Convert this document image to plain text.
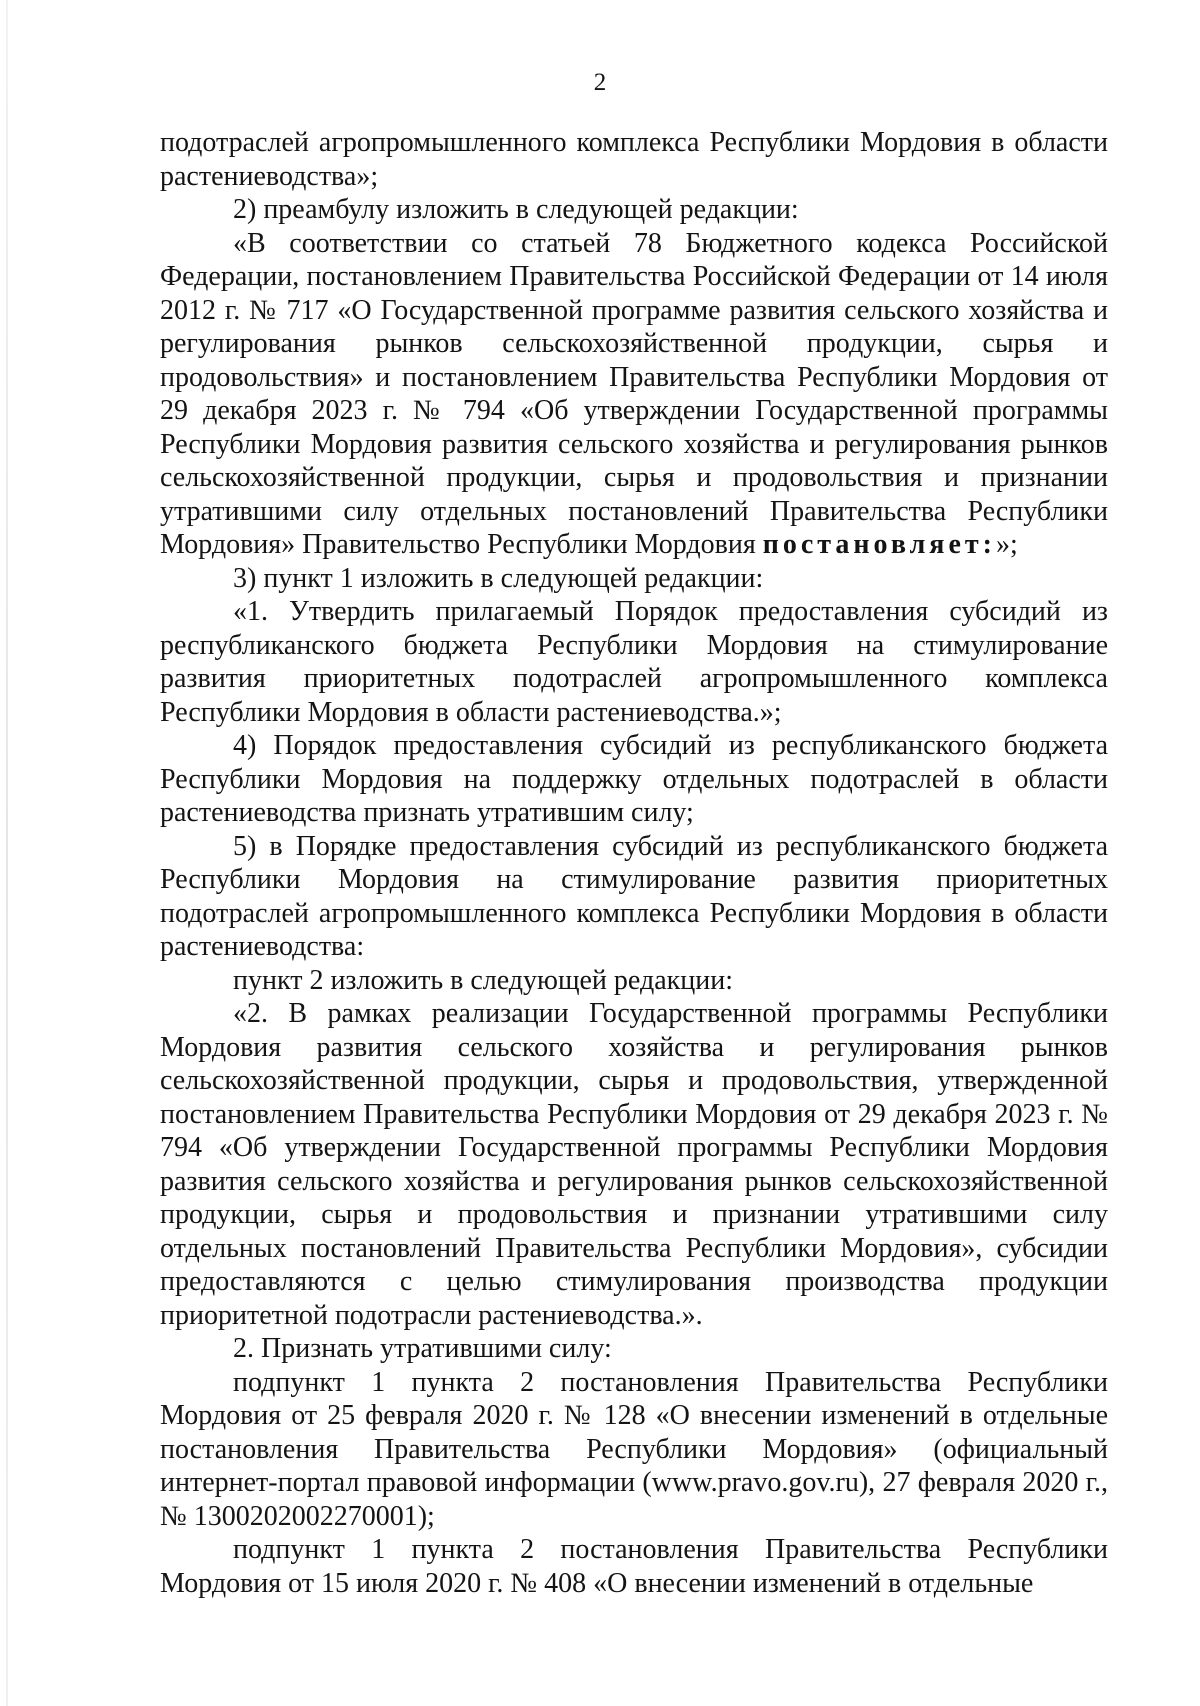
2

подотраслей агропромышленного комплекса Республики Мордовия в области растениеводства»;

2) преамбулу изложить в следующей редакции:

«В соответствии со статьей 78 Бюджетного кодекса Российской Федерации, постановлением Правительства Российской Федерации от 14 июля 2012 г. № 717 «О Государственной программе развития сельского хозяйства и регулирования рынков сельскохозяйственной продукции, сырья и продовольствия» и постановлением Правительства Республики Мордовия от 29 декабря 2023 г. № 794 «Об утверждении Государственной программы Республики Мордовия развития сельского хозяйства и регулирования рынков сельскохозяйственной продукции, сырья и продовольствия и признании утратившими силу отдельных постановлений Правительства Республики Мордовия» Правительство Республики Мордовия постановляет:»;

3) пункт 1 изложить в следующей редакции:

«1. Утвердить прилагаемый Порядок предоставления субсидий из республиканского бюджета Республики Мордовия на стимулирование развития приоритетных подотраслей агропромышленного комплекса Республики Мордовия в области растениеводства.»;

4) Порядок предоставления субсидий из республиканского бюджета Республики Мордовия на поддержку отдельных подотраслей в области растениеводства признать утратившим силу;

5) в Порядке предоставления субсидий из республиканского бюджета Республики Мордовия на стимулирование развития приоритетных подотраслей агропромышленного комплекса Республики Мордовия в области растениеводства:

пункт 2 изложить в следующей редакции:

«2. В рамках реализации Государственной программы Республики Мордовия развития сельского хозяйства и регулирования рынков сельскохозяйственной продукции, сырья и продовольствия, утвержденной постановлением Правительства Республики Мордовия от 29 декабря 2023 г. № 794 «Об утверждении Государственной программы Республики Мордовия развития сельского хозяйства и регулирования рынков сельскохозяйственной продукции, сырья и продовольствия и признании утратившими силу отдельных постановлений Правительства Республики Мордовия», субсидии предоставляются с целью стимулирования производства продукции приоритетной подотрасли растениеводства.».

2. Признать утратившими силу:

подпункт 1 пункта 2 постановления Правительства Республики Мордовия от 25 февраля 2020 г. № 128 «О внесении изменений в отдельные постановления Правительства Республики Мордовия» (официальный интернет-портал правовой информации (www.pravo.gov.ru), 27 февраля 2020 г., № 1300202002270001);

подпункт 1 пункта 2 постановления Правительства Республики Мордовия от 15 июля 2020 г. № 408 «О внесении изменений в отдельные
